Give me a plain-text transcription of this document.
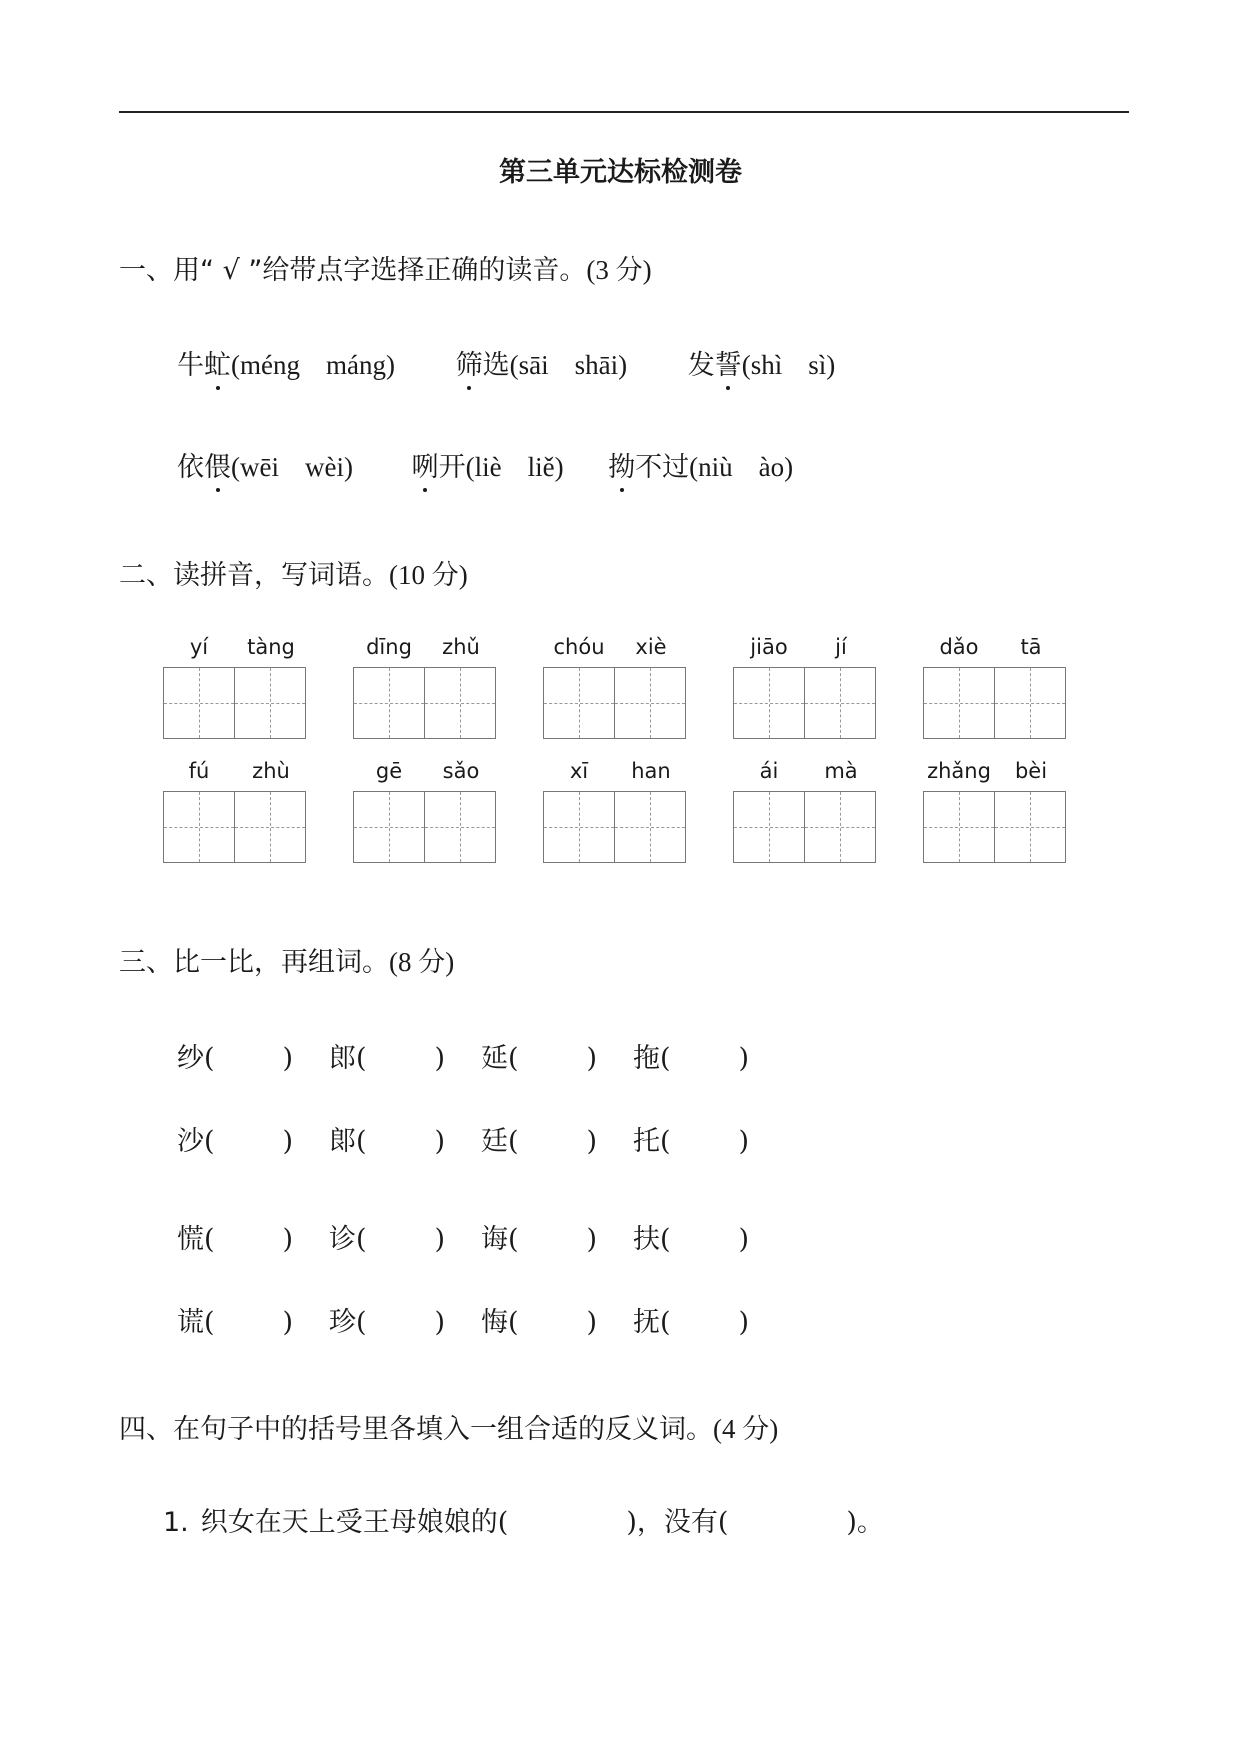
第三单元达标检测卷
一、用“ √ ”给带点字选择正确的读音。(3 分)
牛虻(méng máng) 筛选(sāi shāi) 发誓(shì sì)
依偎(wēi wèi) 咧开(liè liě) 拗不过(niù ào)
二、读拼音，写词语。(10 分)
yí	tàng	dīng	zhǔ	chóu	xiè	jiāo	jí	dǎo	tā
fú	zhù	gē	sǎo	xī	han	ái	mà	zhǎng	bèi
三、比一比，再组词。(8 分)
纱(	) 郎(	) 延(	) 拖(	)
沙(	) 郞(	) 廷(	) 托(	)
慌(	) 诊(	) 诲(	) 扶(	)
谎(	) 珍(	) 悔(	) 抚(	)
四、在句子中的括号里各填入一组合适的反义词。(4 分)
1. 织女在天上受王母娘娘的(	)，没有(	)。
